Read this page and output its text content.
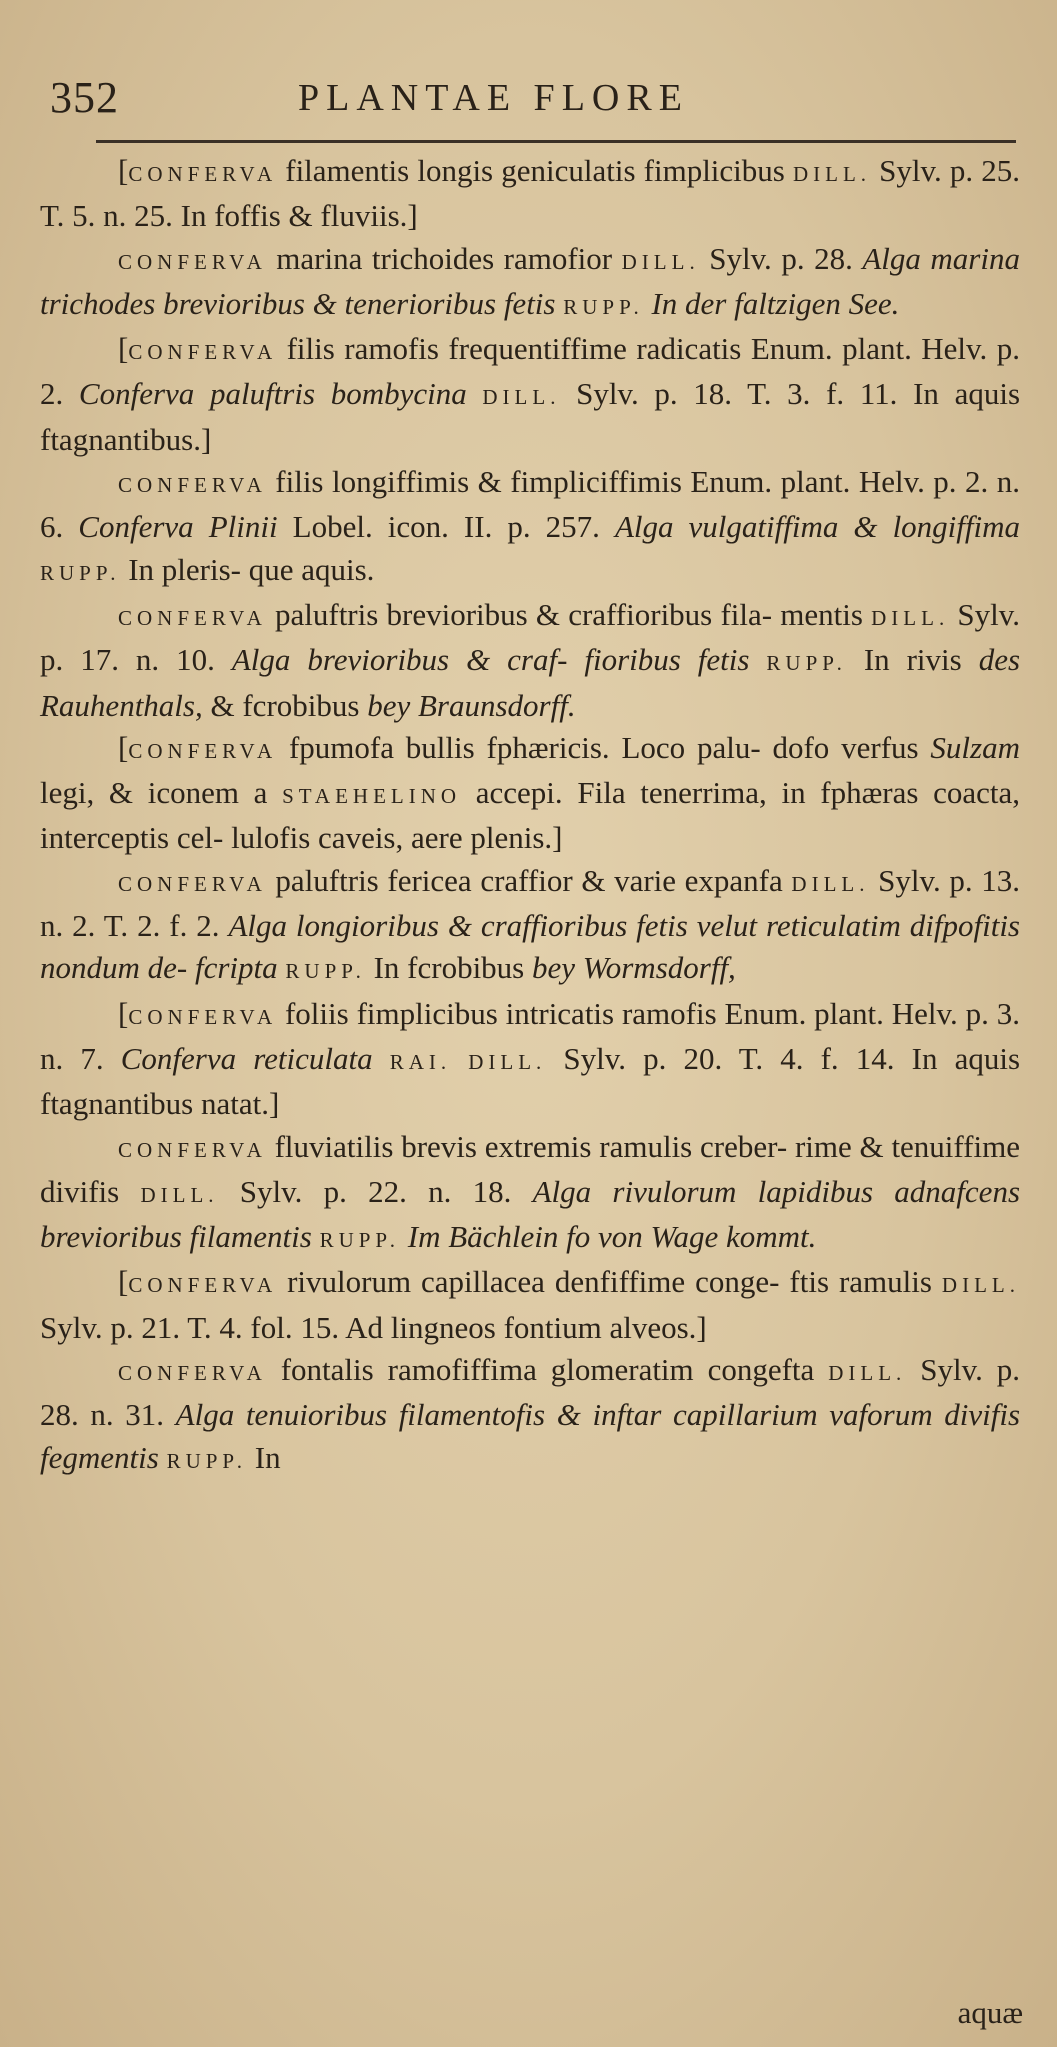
352	PLANTAE FLORE

[CONFERVA filamentis longis geniculatis fimplicibus DILL. Sylv. p. 25. T. 5. n. 25. In foffis & fluviis.]

CONFERVA marina trichoides ramofior DILL. Sylv. p. 28. Alga marina trichodes brevioribus & tenerioribus fetis RUPP. In der faltzigen See.

[CONFERVA filis ramofis frequentiffime radicatis Enum. plant. Helv. p. 2. Conferva paluftris bombycina DILL. Sylv. p. 18. T. 3. f. 11. In aquis ftagnantibus.]

CONFERVA filis longiffimis & fimpliciffimis Enum. plant. Helv. p. 2. n. 6. Conferva Plinii Lobel. icon. II. p. 257. Alga vulgatiffima & longiffima RUPP. In pleris- que aquis.

CONFERVA paluftris brevioribus & craffioribus fila- mentis DILL. Sylv. p. 17. n. 10. Alga brevioribus & craf- fioribus fetis RUPP. In rivis des Rauhenthals, & fcrobibus bey Braunsdorff.

[CONFERVA fpumofa bullis fphæricis. Loco palu- dofo verfus Sulzam legi, & iconem a STAEHELINO accepi. Fila tenerrima, in fphæras coacta, interceptis cel- lulofis caveis, aere plenis.]

CONFERVA paluftris fericea craffior & varie expanfa DILL. Sylv. p. 13. n. 2. T. 2. f. 2. Alga longioribus & craffioribus fetis velut reticulatim difpofitis nondum de- fcripta RUPP. In fcrobibus bey Wormsdorff,

[CONFERVA foliis fimplicibus intricatis ramofis Enum. plant. Helv. p. 3. n. 7. Conferva reticulata RAI. DILL. Sylv. p. 20. T. 4. f. 14. In aquis ftagnantibus natat.]

CONFERVA fluviatilis brevis extremis ramulis creber- rime & tenuiffime divifis DILL. Sylv. p. 22. n. 18. Alga rivulorum lapidibus adnafcens brevioribus filamentis RUPP. Im Bächlein fo von Wage kommt.

[CONFERVA rivulorum capillacea denfiffime conge- ftis ramulis DILL. Sylv. p. 21. T. 4. fol. 15. Ad lingneos fontium alveos.]

CONFERVA fontalis ramofiffima glomeratim congefta DILL. Sylv. p. 28. n. 31. Alga tenuioribus filamentofis & inftar capillarium vaforum divifis fegmentis RUPP. In

aquæ
